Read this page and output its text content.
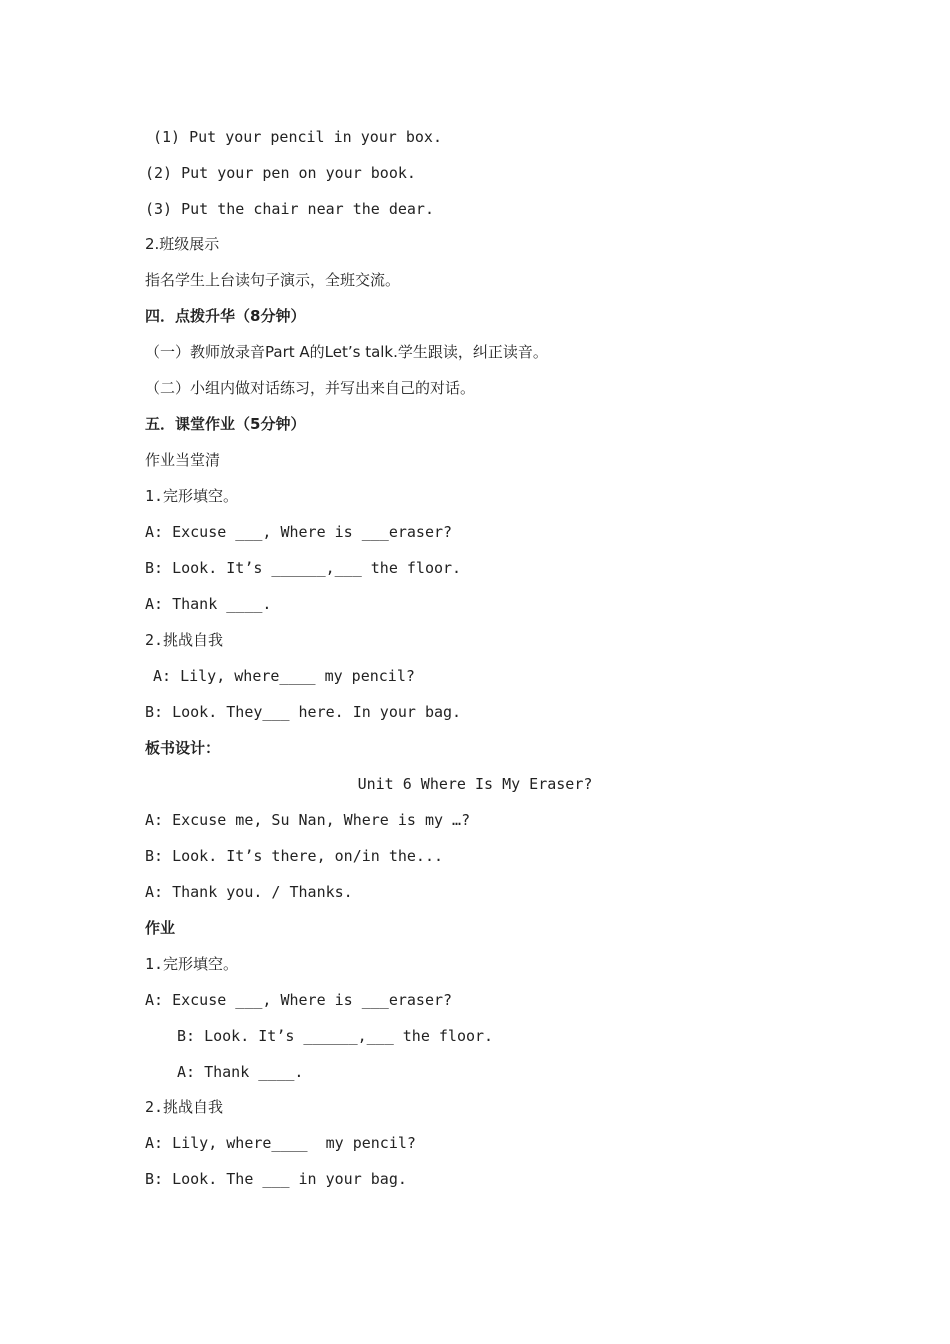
(1) Put your pencil in your box.
(2) Put your pen on your book.
(3) Put the chair near the dear.
2.班级展示
指名学生上台读句子演示，全班交流。
四．点拨升华（8分钟）
（一）教师放录音Part A的Let’s talk.学生跟读，纠正读音。
（二）小组内做对话练习，并写出来自己的对话。
五．课堂作业（5分钟）
作业当堂清
1.完形填空。
A: Excuse ___, Where is ___eraser?
B: Look. It’s ______,___ the floor.
A: Thank ____.
2.挑战自我
A: Lily, where____ my pencil?
B: Look. They___ here. In your bag.
板书设计：
Unit 6 Where Is My Eraser?
A: Excuse me, Su Nan, Where is my …?
B: Look. It’s there, on/in the...
A: Thank you. / Thanks.
作业
1.完形填空。
A: Excuse ___, Where is ___eraser?
B: Look. It’s ______,___ the floor.
A: Thank ____.
2.挑战自我
A: Lily, where____  my pencil?
B: Look. The ___ in your bag.
